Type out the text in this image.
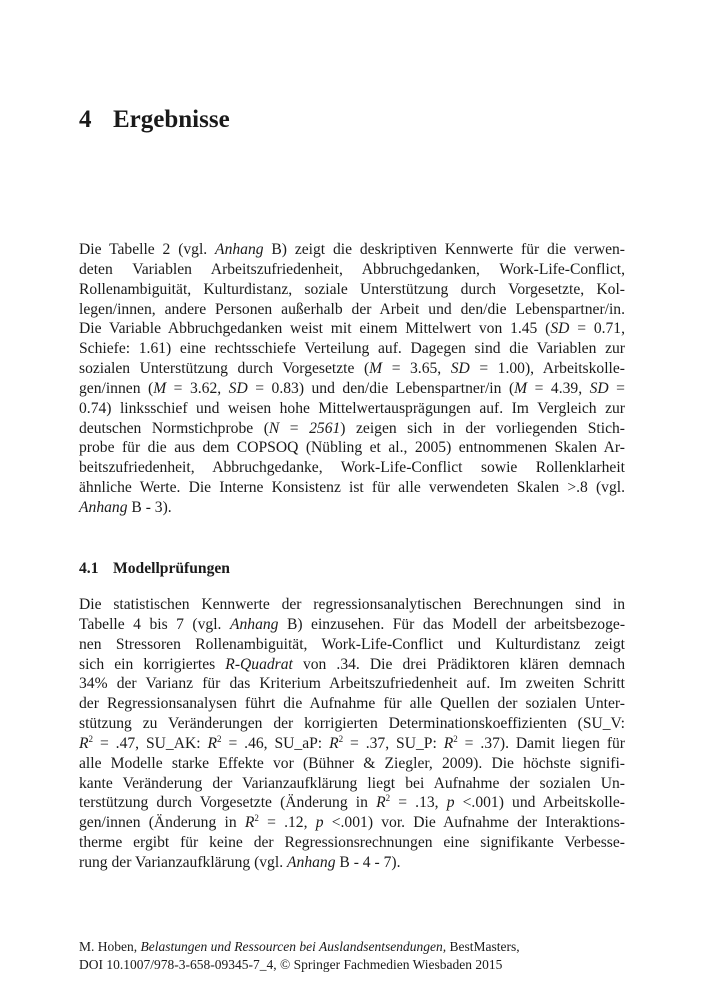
4 Ergebnisse
Die Tabelle 2 (vgl. Anhang B) zeigt die deskriptiven Kennwerte für die verwen-
deten Variablen Arbeitszufriedenheit, Abbruchgedanken, Work-Life-Conflict,
Rollenambiguität, Kulturdistanz, soziale Unterstützung durch Vorgesetzte, Kol-
legen/innen, andere Personen außerhalb der Arbeit und den/die Lebenspartner/in.
Die Variable Abbruchgedanken weist mit einem Mittelwert von 1.45 (SD = 0.71,
Schiefe: 1.61) eine rechtsschiefe Verteilung auf. Dagegen sind die Variablen zur
sozialen Unterstützung durch Vorgesetzte (M = 3.65, SD = 1.00), Arbeitskolle-
gen/innen (M = 3.62, SD = 0.83) und den/die Lebenspartner/in (M = 4.39, SD =
0.74) linksschief und weisen hohe Mittelwertausprägungen auf. Im Vergleich zur
deutschen Normstichprobe (N = 2561) zeigen sich in der vorliegenden Stich-
probe für die aus dem COPSOQ (Nübling et al., 2005) entnommenen Skalen Ar-
beitszufriedenheit, Abbruchgedanke, Work-Life-Conflict sowie Rollenklarheit
ähnliche Werte. Die Interne Konsistenz ist für alle verwendeten Skalen >.8 (vgl.
Anhang B - 3).
4.1 Modellprüfungen
Die statistischen Kennwerte der regressionsanalytischen Berechnungen sind in
Tabelle 4 bis 7 (vgl. Anhang B) einzusehen. Für das Modell der arbeitsbezoge-
nen Stressoren Rollenambiguität, Work-Life-Conflict und Kulturdistanz zeigt
sich ein korrigiertes R-Quadrat von .34. Die drei Prädiktoren klären demnach
34% der Varianz für das Kriterium Arbeitszufriedenheit auf. Im zweiten Schritt
der Regressionsanalysen führt die Aufnahme für alle Quellen der sozialen Unter-
stützung zu Veränderungen der korrigierten Determinationskoeffizienten (SU_V:
$R^2 = .47$, SU_AK: $R^2 = .46$, SU_aP: $R^2 = .37$, SU_P: $R^2 = .37$). Damit liegen für
alle Modelle starke Effekte vor (Bühner & Ziegler, 2009). Die höchste signifi-
kante Veränderung der Varianzaufklärung liegt bei Aufnahme der sozialen Un-
terstützung durch Vorgesetzte (Änderung in $R^2 = .13$, p <.001) und Arbeitskolle-
gen/innen (Änderung in $R^2 = .12$, p <.001) vor. Die Aufnahme der Interaktions-
therme ergibt für keine der Regressionsrechnungen eine signifikante Verbesse-
rung der Varianzaufklärung (vgl. Anhang B - 4 - 7).
M. Hoben, Belastungen und Ressourcen bei Auslandsentsendungen, BestMasters,
DOI 10.1007/978-3-658-09345-7_4, © Springer Fachmedien Wiesbaden 2015
